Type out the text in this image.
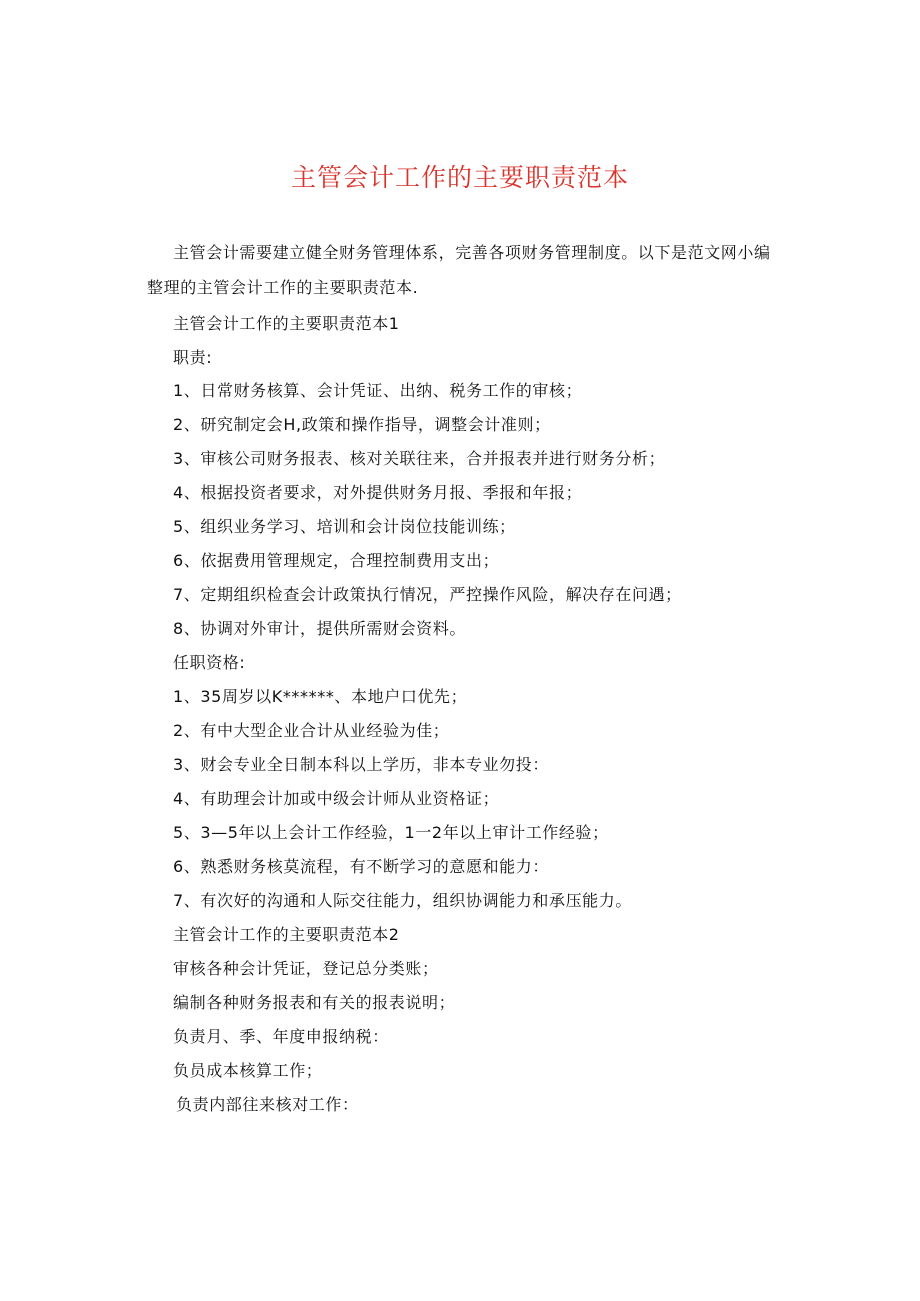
主管会计工作的主要职责范本
主管会计需要建立健全财务管理体系，完善各项财务管理制度。以下是范文网小编
整理的主管会计工作的主要职责范本.
主管会计工作的主要职责范本1
职责:
1、日常财务核算、会计凭证、出纳、税务工作的审核；
2、研究制定会H,政策和操作指导，调整会计准则；
3、审核公司财务报表、核对关联往来，合并报表并进行财务分析；
4、根据投资者要求，对外提供财务月报、季报和年报；
5、组织业务学习、培训和会计岗位技能训练；
6、依据费用管理规定，合理控制费用支出；
7、定期组织检查会计政策执行情况，严控操作风险，解决存在问遇；
8、协调对外审计，提供所需财会资料。
任职资格:
1、35周岁以K******、本地户口优先；
2、有中大型企业合计从业经验为佳；
3、财会专业全日制本科以上学历，非本专业勿投：
4、有助理会计加或中级会计师从业资格证；
5、3—5年以上会计工作经验，1一2年以上审计工作经验；
6、熟悉财务核莫流程，有不断学习的意愿和能力：
7、有次好的沟通和人际交往能力，组织协调能力和承压能力。
主管会计工作的主要职责范本2
审核各种会计凭证，登记总分类账；
编制各种财务报表和有关的报表说明；
负责月、季、年度申报纳税：
负员成本核算工作；
负责内部往来核对工作：
